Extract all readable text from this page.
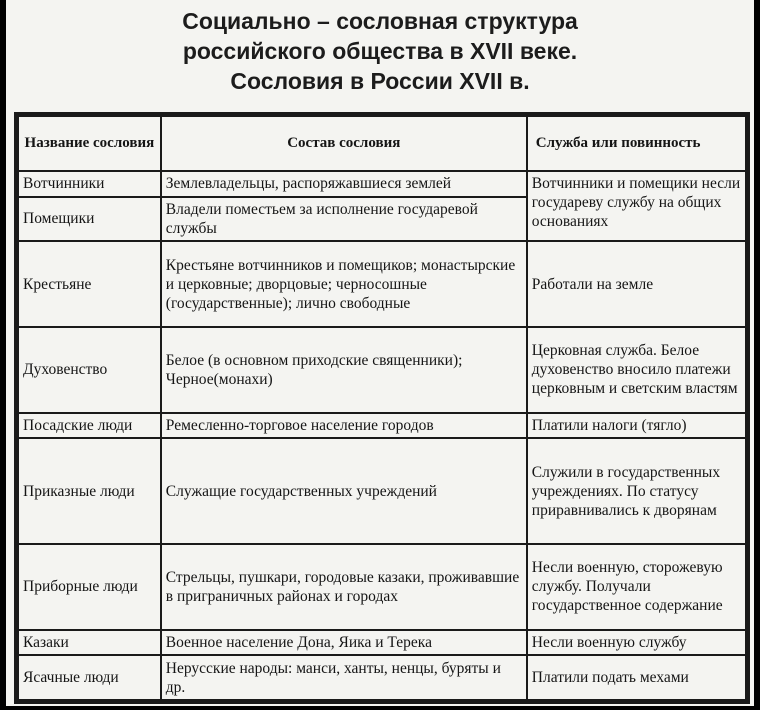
Социально – сословная структура
российского общества в XVII веке.
Сословия в России XVII в.
Название сословия	Состав сословия	Служба или повинность
Вотчинники	Землевладельцы, распоряжавшиеся землей	Вотчинники и помещики несли государеву службу на общих основаниях
Помещики	Владели поместьем за исполнение государевой службы	
Крестьяне	Крестьяне вотчинников и помещиков; монастырские и церковные; дворцовые; черносошные (государственные); лично свободные	Работали на земле
Духовенство	Белое (в основном приходские священники); Черное(монахи)	Церковная служба. Белое духовенство вносило платежи церковным и светским властям
Посадские люди	Ремесленно-торговое население городов	Платили налоги (тягло)
Приказные люди	Служащие государственных учреждений	Служили в государственных учреждениях. По статусу приравнивались к дворянам
Приборные люди	Стрельцы, пушкари, городовые казаки, проживавшие в приграничных районах и городах	Несли военную, сторожевую службу. Получали государственное содержание
Казаки	Военное население Дона, Яика и Терека	Несли военную службу
Ясачные люди	Нерусские народы: манси, ханты, ненцы, буряты и др.	Платили подать мехами
